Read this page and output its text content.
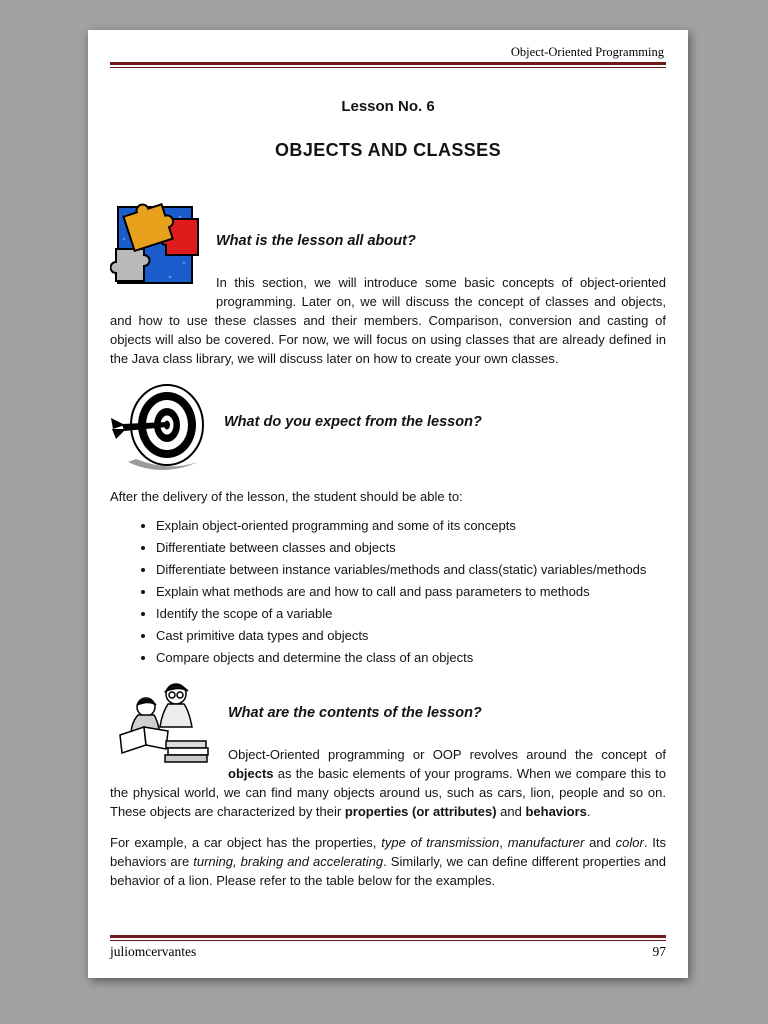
Object-Oriented Programming
Lesson No. 6
OBJECTS AND CLASSES
What is the lesson all about?

In this section, we will introduce some basic concepts of object-oriented programming. Later on, we will discuss the concept of classes and objects, and how to use these classes and their members. Comparison, conversion and casting of objects will also be covered. For now, we will focus on using classes that are already defined in the Java class library, we will discuss later on how to create your own classes.

What do you expect from the lesson?

After the delivery of the lesson, the student should be able to:

• Explain object-oriented programming and some of its concepts
• Differentiate between classes and objects
• Differentiate between instance variables/methods and class(static) variables/methods
• Explain what methods are and how to call and pass parameters to methods
• Identify the scope of a variable
• Cast primitive data types and objects
• Compare objects and determine the class of an objects
What are the contents of the lesson?

Object-Oriented programming or OOP revolves around the concept of objects as the basic elements of your programs. When we compare this to the physical world, we can find many objects around us, such as cars, lion, people and so on. These objects are characterized by their properties (or attributes) and behaviors.

For example, a car object has the properties, type of transmission, manufacturer and color. Its behaviors are turning, braking and accelerating. Similarly, we can define different properties and behavior of a lion. Please refer to the table below for the examples.

juliomcervantes	97
